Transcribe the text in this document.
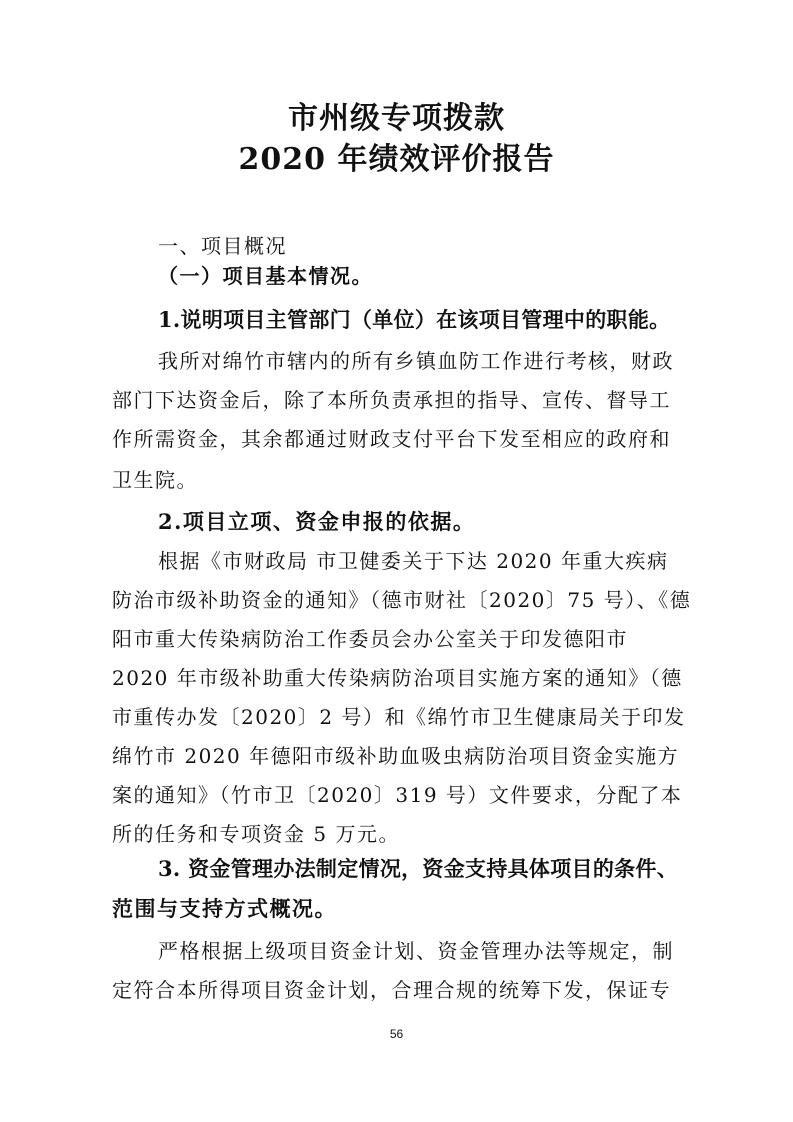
市州级专项拨款
2020 年绩效评价报告
一、项目概况
（一）项目基本情况。
1.说明项目主管部门（单位）在该项目管理中的职能。
我所对绵竹市辖内的所有乡镇血防工作进行考核，财政
部门下达资金后，除了本所负责承担的指导、宣传、督导工
作所需资金，其余都通过财政支付平台下发至相应的政府和
卫生院。
2.项目立项、资金申报的依据。
根据《市财政局 市卫健委关于下达 2020 年重大疾病
防治市级补助资金的通知》（德市财社〔2020〕75 号）、《德
阳市重大传染病防治工作委员会办公室关于印发德阳市
2020 年市级补助重大传染病防治项目实施方案的通知》（德
市重传办发〔2020〕2 号）和《绵竹市卫生健康局关于印发
绵竹市 2020 年德阳市级补助血吸虫病防治项目资金实施方
案的通知》（竹市卫〔2020〕319 号）文件要求，分配了本
所的任务和专项资金 5 万元。
3. 资金管理办法制定情况，资金支持具体项目的条件、
范围与支持方式概况。
严格根据上级项目资金计划、资金管理办法等规定，制
定符合本所得项目资金计划，合理合规的统筹下发，保证专
56
